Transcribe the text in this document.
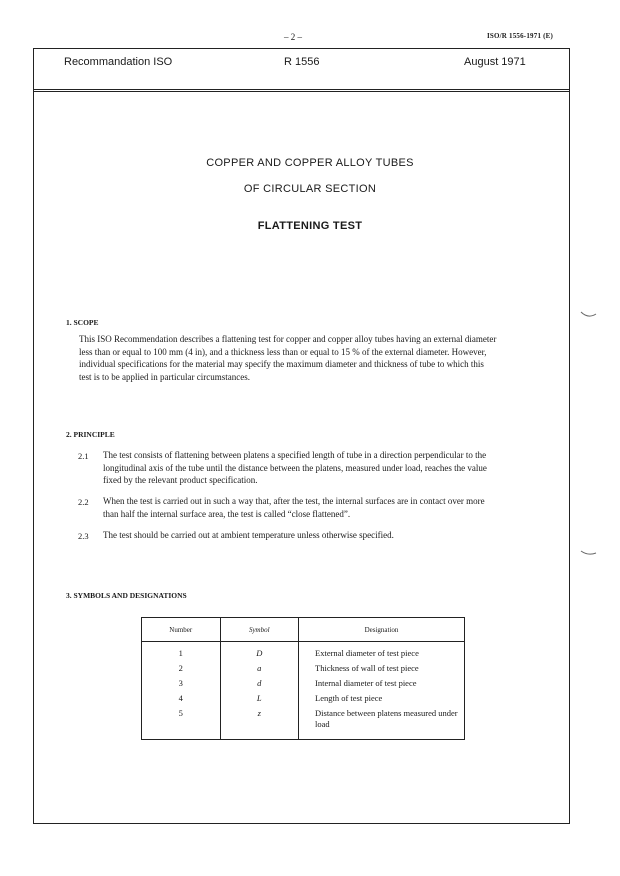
– 2 –	ISO/R 1556-1971 (E)
Recommandation ISO	R 1556	August 1971
COPPER AND COPPER ALLOY TUBES
OF CIRCULAR SECTION
FLATTENING TEST
1. SCOPE
This ISO Recommendation describes a flattening test for copper and copper alloy tubes having an external diameter
less than or equal to 100 mm (4 in), and a thickness less than or equal to 15 % of the external diameter. However,
individual specifications for the material may specify the maximum diameter and thickness of tube to which this
test is to be applied in particular circumstances.
2. PRINCIPLE
2.1 The test consists of flattening between platens a specified length of tube in a direction perpendicular to the
longitudinal axis of the tube until the distance between the platens, measured under load, reaches the value
fixed by the relevant product specification.
2.2 When the test is carried out in such a way that, after the test, the internal surfaces are in contact over more
than half the internal surface area, the test is called “close flattened”.
2.3 The test should be carried out at ambient temperature unless otherwise specified.
3. SYMBOLS AND DESIGNATIONS
Number	Symbol	Designation
1	D	External diameter of test piece
2	a	Thickness of wall of test piece
3	d	Internal diameter of test piece
4	L	Length of test piece
5	z	Distance between platens measured under load
